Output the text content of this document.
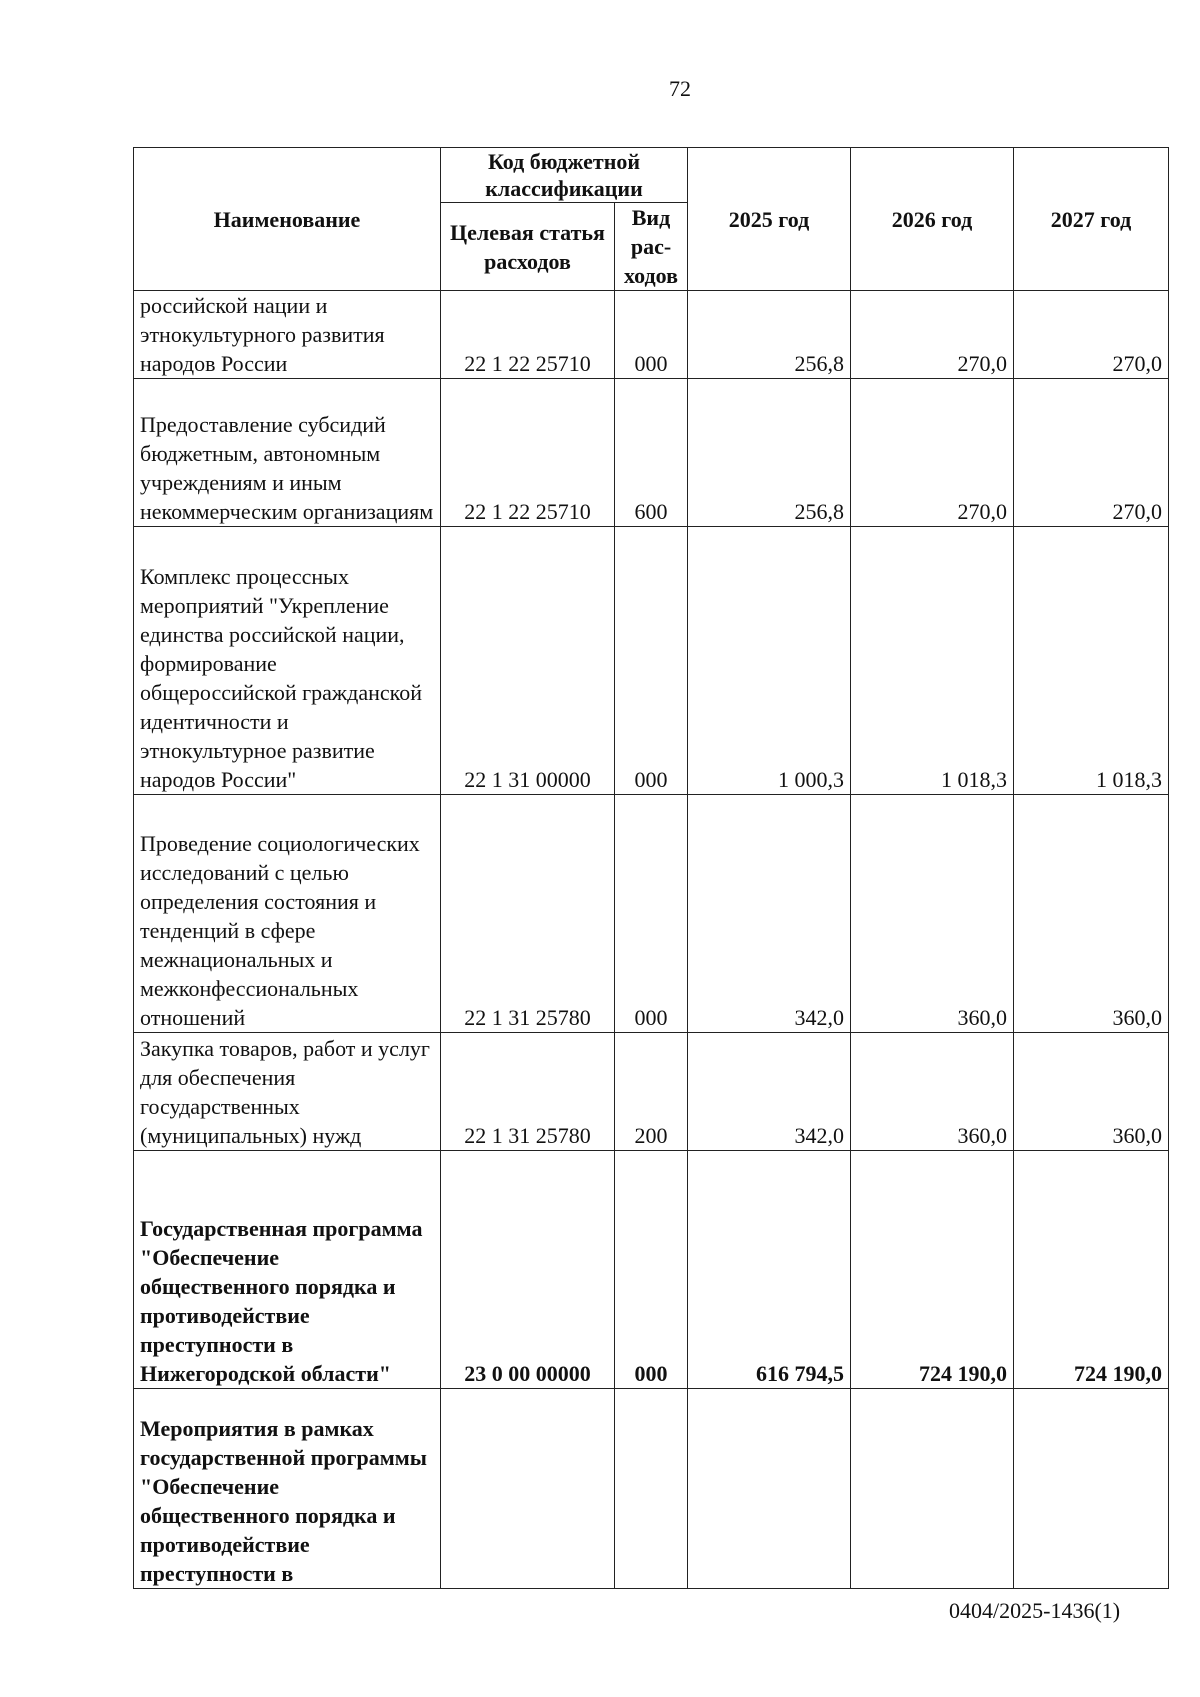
72
Наименование	Код бюджетной классификации		2025 год	2026 год	2027 год
	Целевая статья расходов	Вид рас-ходов			
российской нации и этнокультурного развития народов России	22 1 22 25710	000	256,8	270,0	270,0
Предоставление субсидий бюджетным, автономным учреждениям и иным некоммерческим организациям	22 1 22 25710	600	256,8	270,0	270,0
Комплекс процессных мероприятий "Укрепление единства российской нации, формирование общероссийской гражданской идентичности и этнокультурное развитие народов России"	22 1 31 00000	000	1 000,3	1 018,3	1 018,3
Проведение социологических исследований с целью определения состояния и тенденций в сфере межнациональных и межконфессиональных отношений	22 1 31 25780	000	342,0	360,0	360,0
Закупка товаров, работ и услуг для обеспечения государственных (муниципальных) нужд	22 1 31 25780	200	342,0	360,0	360,0
Государственная программа "Обеспечение общественного порядка и противодействие преступности в Нижегородской области"	23 0 00 00000	000	616 794,5	724 190,0	724 190,0
Мероприятия в рамках государственной программы "Обеспечение общественного порядка и противодействие преступности в					
0404/2025-1436(1)
